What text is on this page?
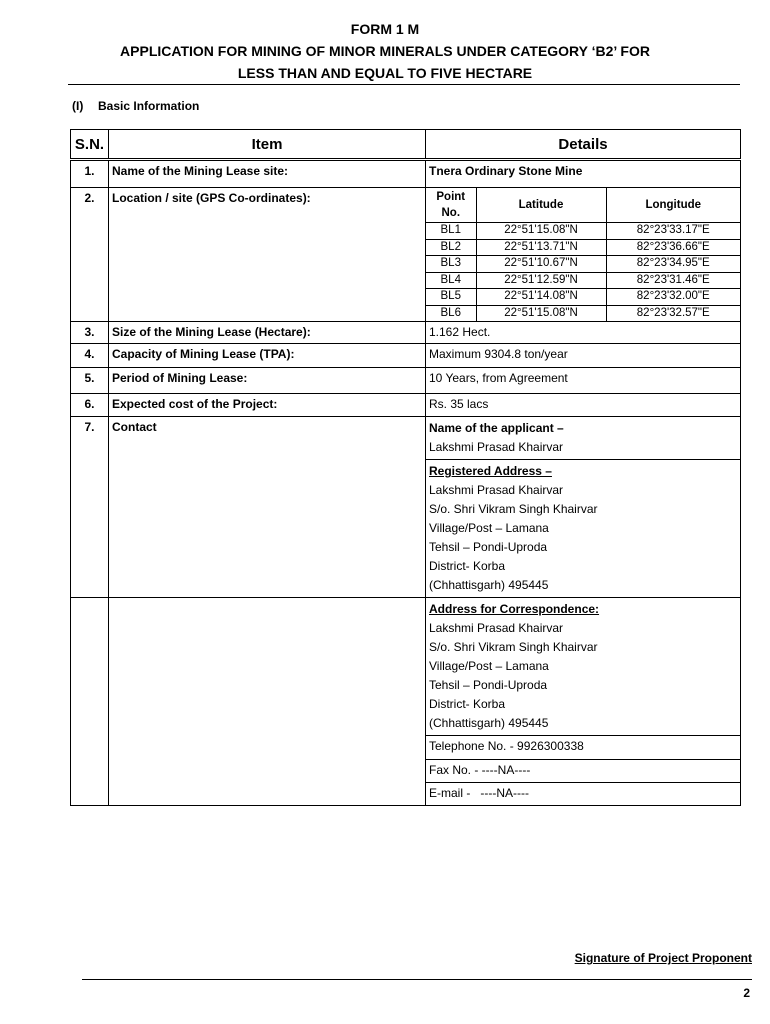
FORM 1 M
APPLICATION FOR MINING OF MINOR MINERALS UNDER CATEGORY ‘B2’ FOR
LESS THAN AND EQUAL TO FIVE HECTARE
(I) Basic Information
S.N.	Item	Details
1.	Name of the Mining Lease site:	Tnera Ordinary Stone Mine
2.	Location / site (GPS Co-ordinates):		Point No.	Latitude	Longitude
BL1	22°51'15.08"N	82°23'33.17"E
BL2	22°51'13.71"N	82°23'36.66"E
BL3	22°51'10.67"N	82°23'34.95"E
BL4	22°51'12.59"N	82°23'31.46"E
BL5	22°51'14.08"N	82°23'32.00"E
BL6	22°51'15.08"N	82°23'32.57"E

3.	Size of the Mining Lease (Hectare):	1.162 Hect.
4.	Capacity of Mining Lease (TPA):	Maximum 9304.8 ton/year
5.	Period of Mining Lease:	10 Years, from Agreement
6.	Expected cost of the Project:	Rs. 35 lacs
7.	Contact	Name of the applicant –
Lakshmi Prasad Khairvar

Registered Address –
Lakshmi Prasad Khairvar
S/o. Shri Vikram Singh Khairvar
Village/Post – Lamana
Tehsil – Pondi-Uproda
District- Korba
(Chhattisgarh) 495445

Address for Correspondence:
Lakshmi Prasad Khairvar
S/o. Shri Vikram Singh Khairvar
Village/Post – Lamana
Tehsil – Pondi-Uproda
District- Korba
(Chhattisgarh) 495445

Telephone No. - 9926300338
Fax No. - ----NA----
E-mail -   ----NA----
Signature of Project Proponent
2
